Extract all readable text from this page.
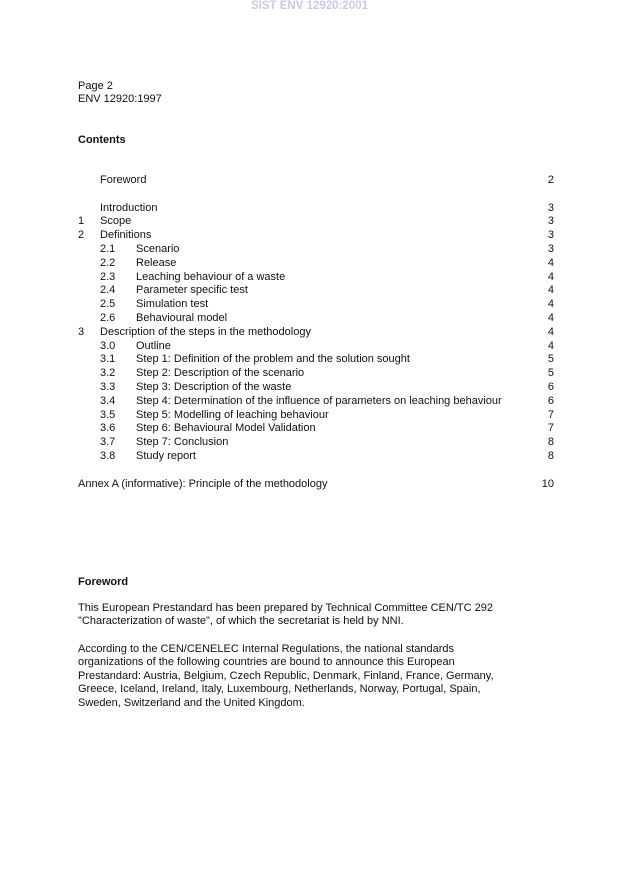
SIST ENV 12920:2001
Page 2
ENV 12920:1997
Contents
Foreword	2
Introduction	3
1 Scope	3
2 Definitions	3
2.1 Scenario	3
2.2 Release	4
2.3 Leaching behaviour of a waste	4
2.4 Parameter specific test	4
2.5 Simulation test	4
2.6 Behavioural model	4
3 Description of the steps in the methodology	4
3.0 Outline	4
3.1 Step 1: Definition of the problem and the solution sought	5
3.2 Step 2: Description of the scenario	5
3.3 Step 3: Description of the waste	6
3.4 Step 4: Determination of the influence of parameters on leaching behaviour	6
3.5 Step 5: Modelling of leaching behaviour	7
3.6 Step 6: Behavioural Model Validation	7
3.7 Step 7: Conclusion	8
3.8 Study report	8
Annex A (informative): Principle of the methodology	10
Foreword
This European Prestandard has been prepared by Technical Committee CEN/TC 292
"Characterization of waste", of which the secretariat is held by NNI.
According to the CEN/CENELEC Internal Regulations, the national standards
organizations of the following countries are bound to announce this European
Prestandard: Austria, Belgium, Czech Republic, Denmark, Finland, France, Germany,
Greece, Iceland, Ireland, Italy, Luxembourg, Netherlands, Norway, Portugal, Spain,
Sweden, Switzerland and the United Kingdom.
